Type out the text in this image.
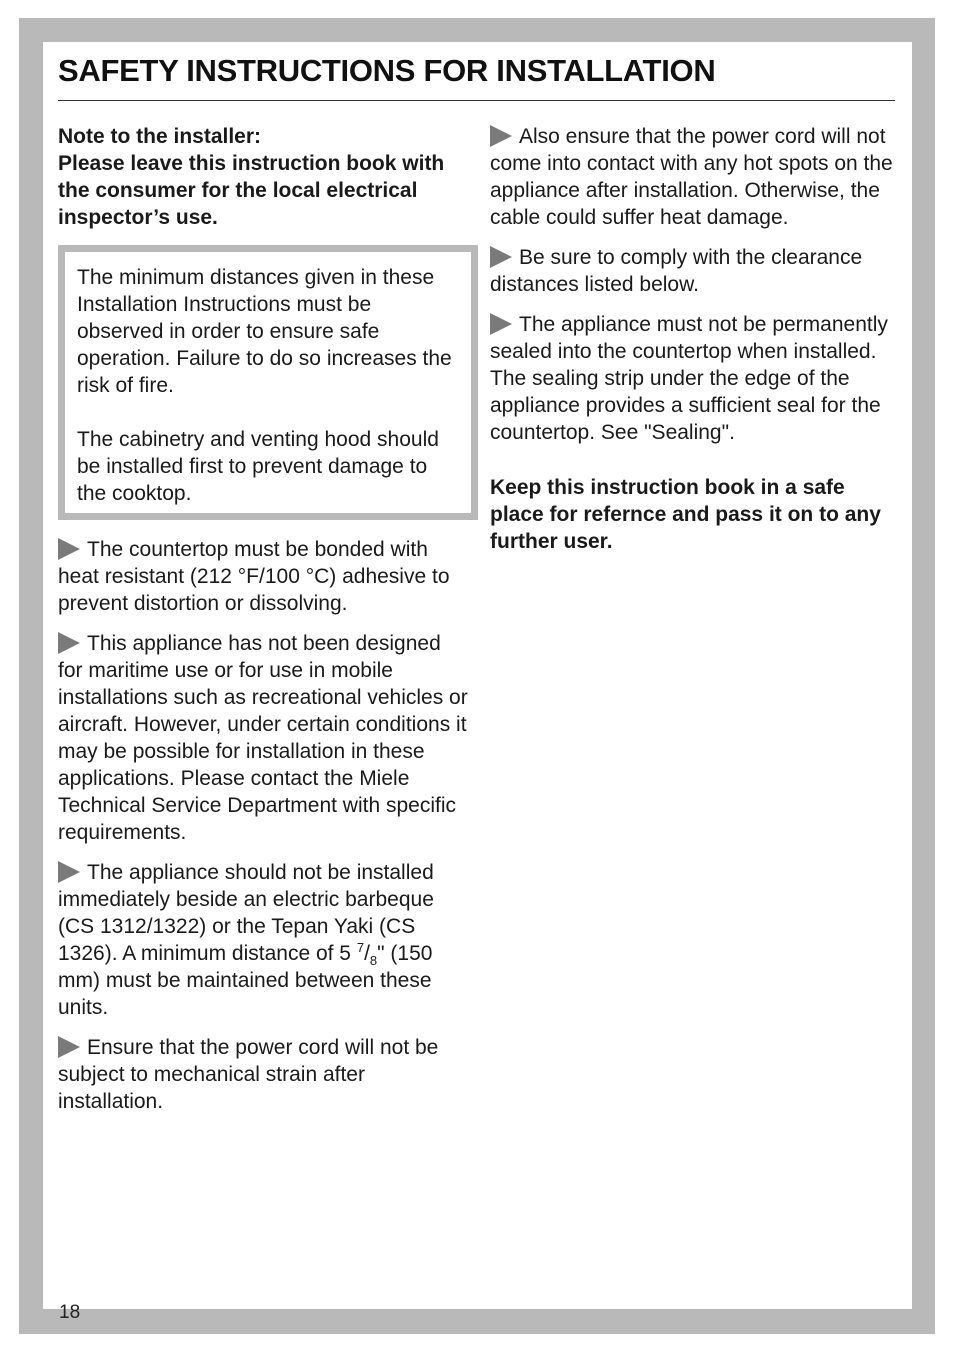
SAFETY INSTRUCTIONS FOR INSTALLATION

Note to the installer:

Please leave this instruction book with the consumer for the local electrical inspector’s use.

The minimum distances given in these Installation Instructions must be observed in order to ensure safe operation. Failure to do so increases the risk of fire.

The cabinetry and venting hood should be installed first to prevent damage to the cooktop.

The countertop must be bonded with heat resistant (212 °F/100 °C) adhesive to prevent distortion or dissolving.

This appliance has not been designed for maritime use or for use in mobile installations such as recreational vehicles or aircraft. However, under certain conditions it may be possible for installation in these applications. Please contact the Miele Technical Service Department with specific requirements.

The appliance should not be installed immediately beside an electric barbeque (CS 1312/1322) or the Tepan Yaki (CS 1326). A minimum distance of 5 $^7/_8$" (150 mm) must be maintained between these units.

Ensure that the power cord will not be subject to mechanical strain after installation.

Also ensure that the power cord will not come into contact with any hot spots on the appliance after installation. Otherwise, the cable could suffer heat damage.

Be sure to comply with the clearance distances listed below.

The appliance must not be permanently sealed into the countertop when installed. The sealing strip under the edge of the appliance provides a sufficient seal for the countertop. See "Sealing".

Keep this instruction book in a safe place for refernce and pass it on to any further user.

18
